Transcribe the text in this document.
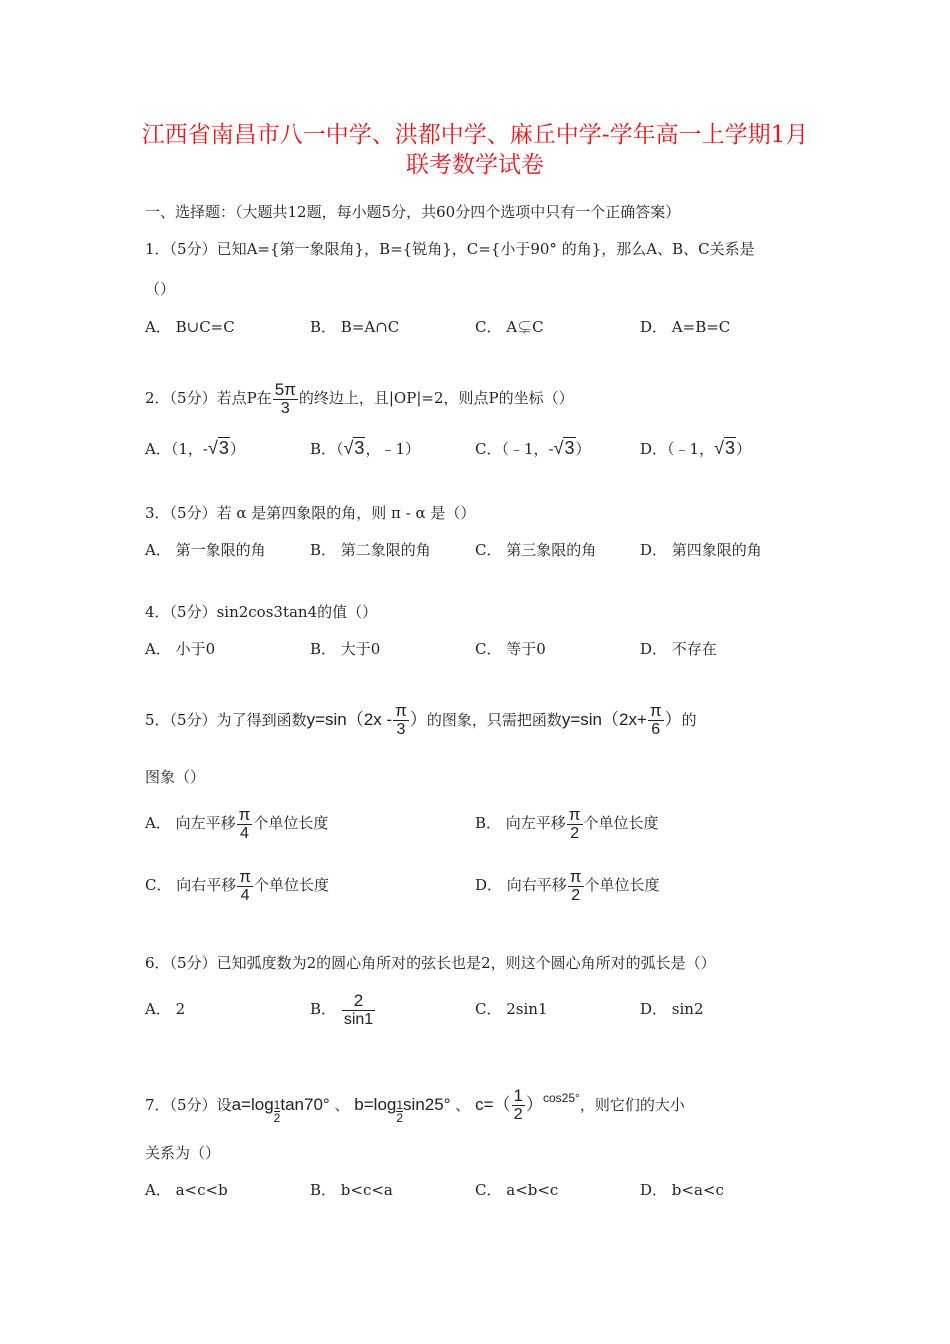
江西省南昌市八一中学、洪都中学、麻丘中学-学年高一上学期1月
联考数学试卷
一、选择题：（大题共12题，每小题5分，共60分四个选项中只有一个正确答案）
1．（5分）已知A={第一象限角}，B={锐角}，C={小于90° 的角}，那么A、B、C关系是
（）
A． B∪C=C	B． B=A∩C	C． A⊊C	D． A=B=C
2．（5分）若点P在 $\frac{5\pi}{3}$ 的终边上，且|OP|=2，则点P的坐标（）
A．（1，-√3）	B．（√3，﹣1）	C．（﹣1，-√3）	D．（﹣1，√3）
3．（5分）若 α 是第四象限的角，则 π - α 是（）
A． 第一象限的角	B． 第二象限的角	C． 第三象限的角	D． 第四象限的角
4．（5分）sin2cos3tan4的值（）
A． 小于0	B． 大于0	C． 等于0	D． 不存在
5．（5分）为了得到函数$y=\sin(2x - \frac{\pi}{3}$ ）的图象，只需把函数$y=\sin(2x+ \frac{\pi}{6}$ ）的
图象（）
A． 向左平移 $\frac{\pi}{4}$ 个单位长度	B． 向左平移 $\frac{\pi}{2}$ 个单位长度
C． 向右平移 $\frac{\pi}{4}$ 个单位长度	D． 向右平移 $\frac{\pi}{2}$ 个单位长度
6．（5分）已知弧度数为2的圆心角所对的弦长也是2，则这个圆心角所对的弧长是（）
A． 2	B． $\frac{2}{\sin 1}$	C． 2sin1	D． sin2
7．（5分）设$a=\log \frac{1}{2} \tan 70^\circ$ 、 $b=\log \frac{1}{2} \sin 25^\circ$ 、 $c=( \frac{1}{2} )^{cos25^\circ}$，则它们的大小
关系为（）
A． a<c<b	B． b<c<a	C． a<b<c	D． b<a<c
